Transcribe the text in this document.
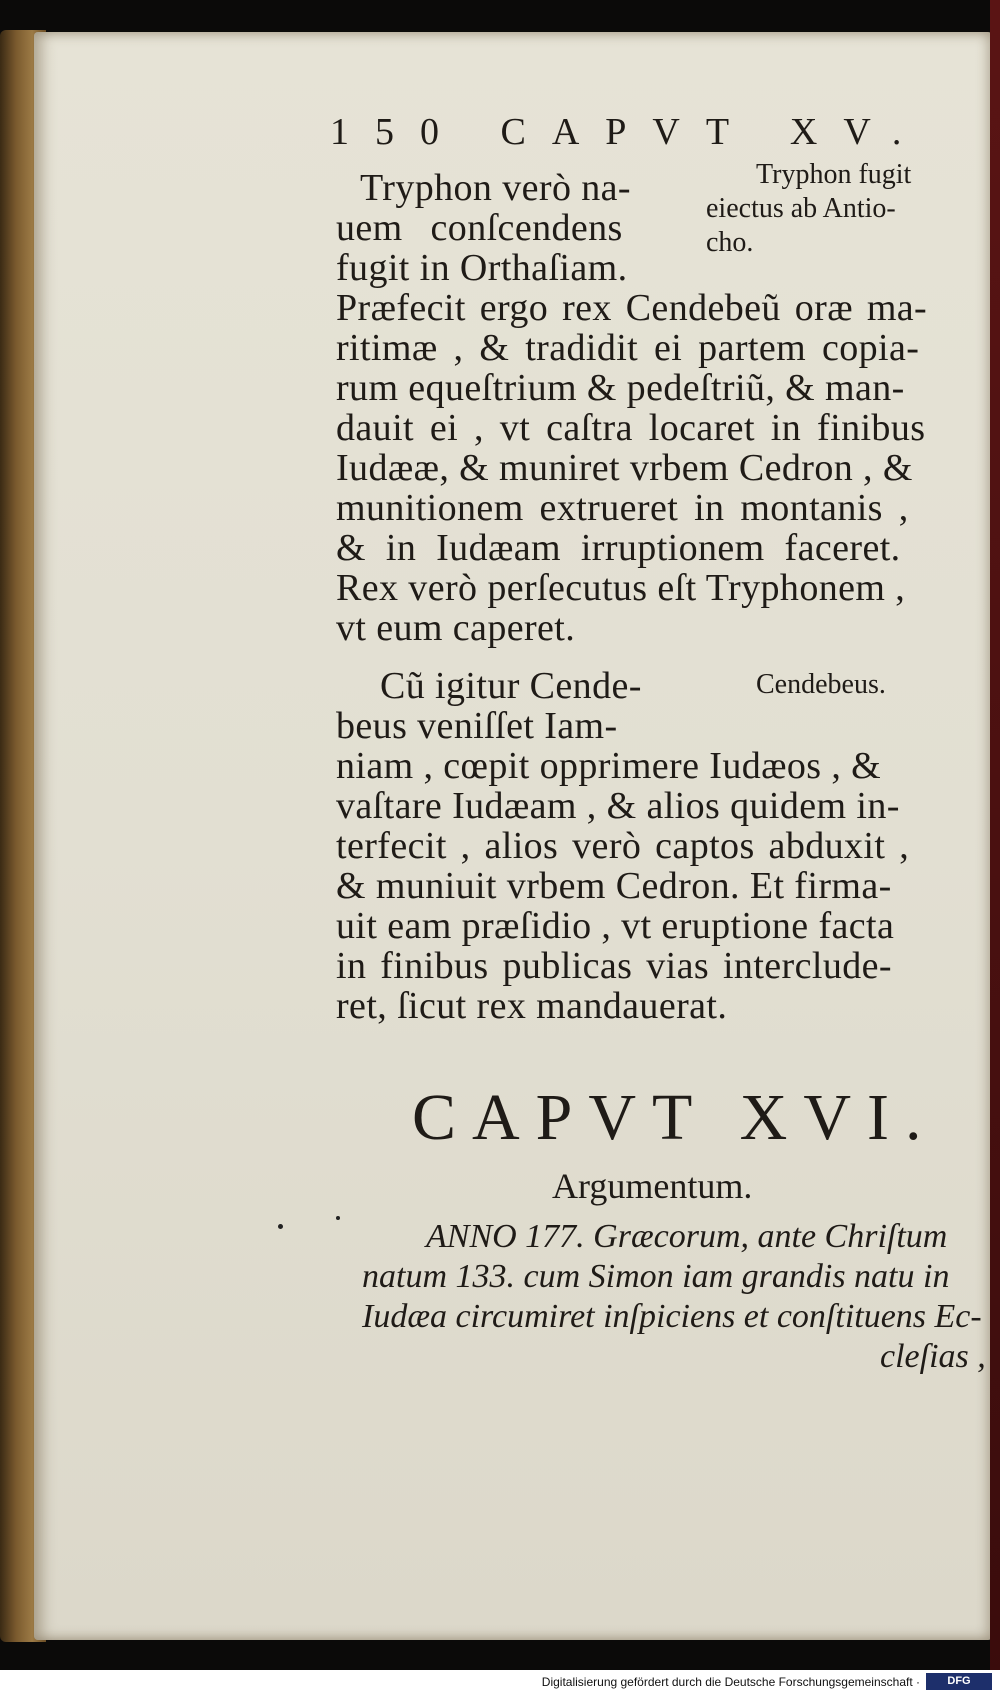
150 CAPVT XV.
Tryphon verò na-
uem conſcendens
fugit in Orthaſiam.
Præfecit ergo rex Cendebeũ oræ ma-
ritimæ , & tradidit ei partem copia-
rum equeſtrium & pedeſtriũ, & man-
dauit ei , vt caſtra locaret in finibus
Iudææ, & muniret vrbem Cedron , &
munitionem extrueret in montanis ,
& in Iudæam irruptionem faceret.
Rex verò perſecutus eſt Tryphonem ,
vt eum caperet.
Cũ igitur Cende-
beus veniſſet Iam-
niam , cœpit opprimere Iudæos , &
vaſtare Iudæam , & alios quidem in-
terfecit , alios verò captos abduxit ,
& muniuit vrbem Cedron. Et firma-
uit eam præſidio , vt eruptione facta
in finibus publicas vias interclude-
ret, ſicut rex mandauerat.
Tryphon fugit
eiectus ab Antio-
cho.
Cendebeus.
CAPVT XVI.
Argumentum.
ANNO 177. Græcorum, ante Chriſtum
natum 133. cum Simon iam grandis natu in
Iudæa circumiret inſpiciens et conſtituens Ec-
cleſias ,
Digitalisierung gefördert durch die Deutsche Forschungsgemeinschaft ·	DFG
